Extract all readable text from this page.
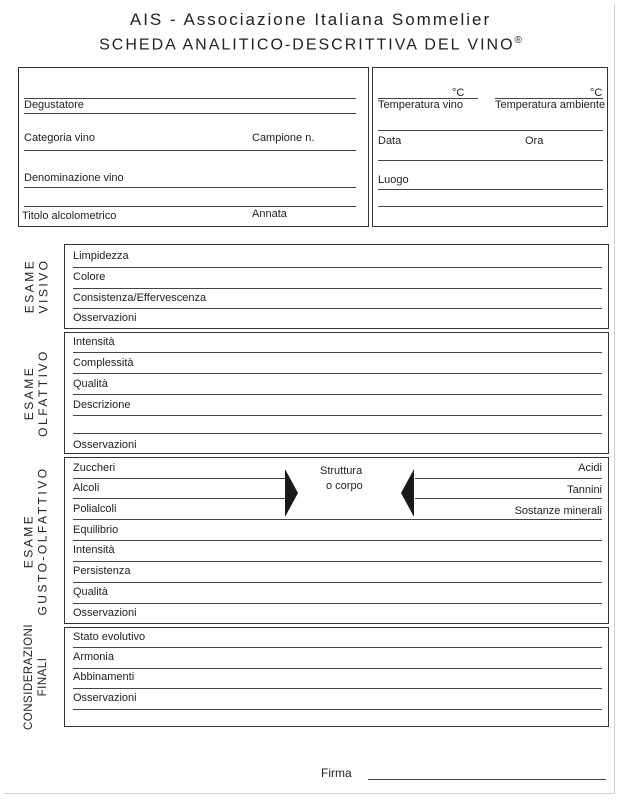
AIS - Associazione Italiana Sommelier
SCHEDA ANALITICO-DESCRITTIVA DEL VINO®
Degustatore
Categoria vino	Campione n.
Denominazione vino
Titolo alcolometrico	Annata
°C	°C
Temperatura vino	Temperatura ambiente
Data	Ora
Luogo
ESAME VISIVO
Limpidezza
Colore
Consistenza/Effervescenza
Osservazioni
ESAME OLFATTIVO
Intensità
Complessità
Qualità
Descrizione
Osservazioni
ESAME GUSTO-OLFATTIVO Zuccheri
Alcoli
Polialcoli
Struttura
o corpo
Acidi
Tannini
Sostanze minerali
Equilibrio
Intensità
Persistenza
Qualità
Osservazioni
CONSIDERAZIONI FINALI
Stato evolutivo
Armonia
Abbinamenti
Osservazioni
Firma
